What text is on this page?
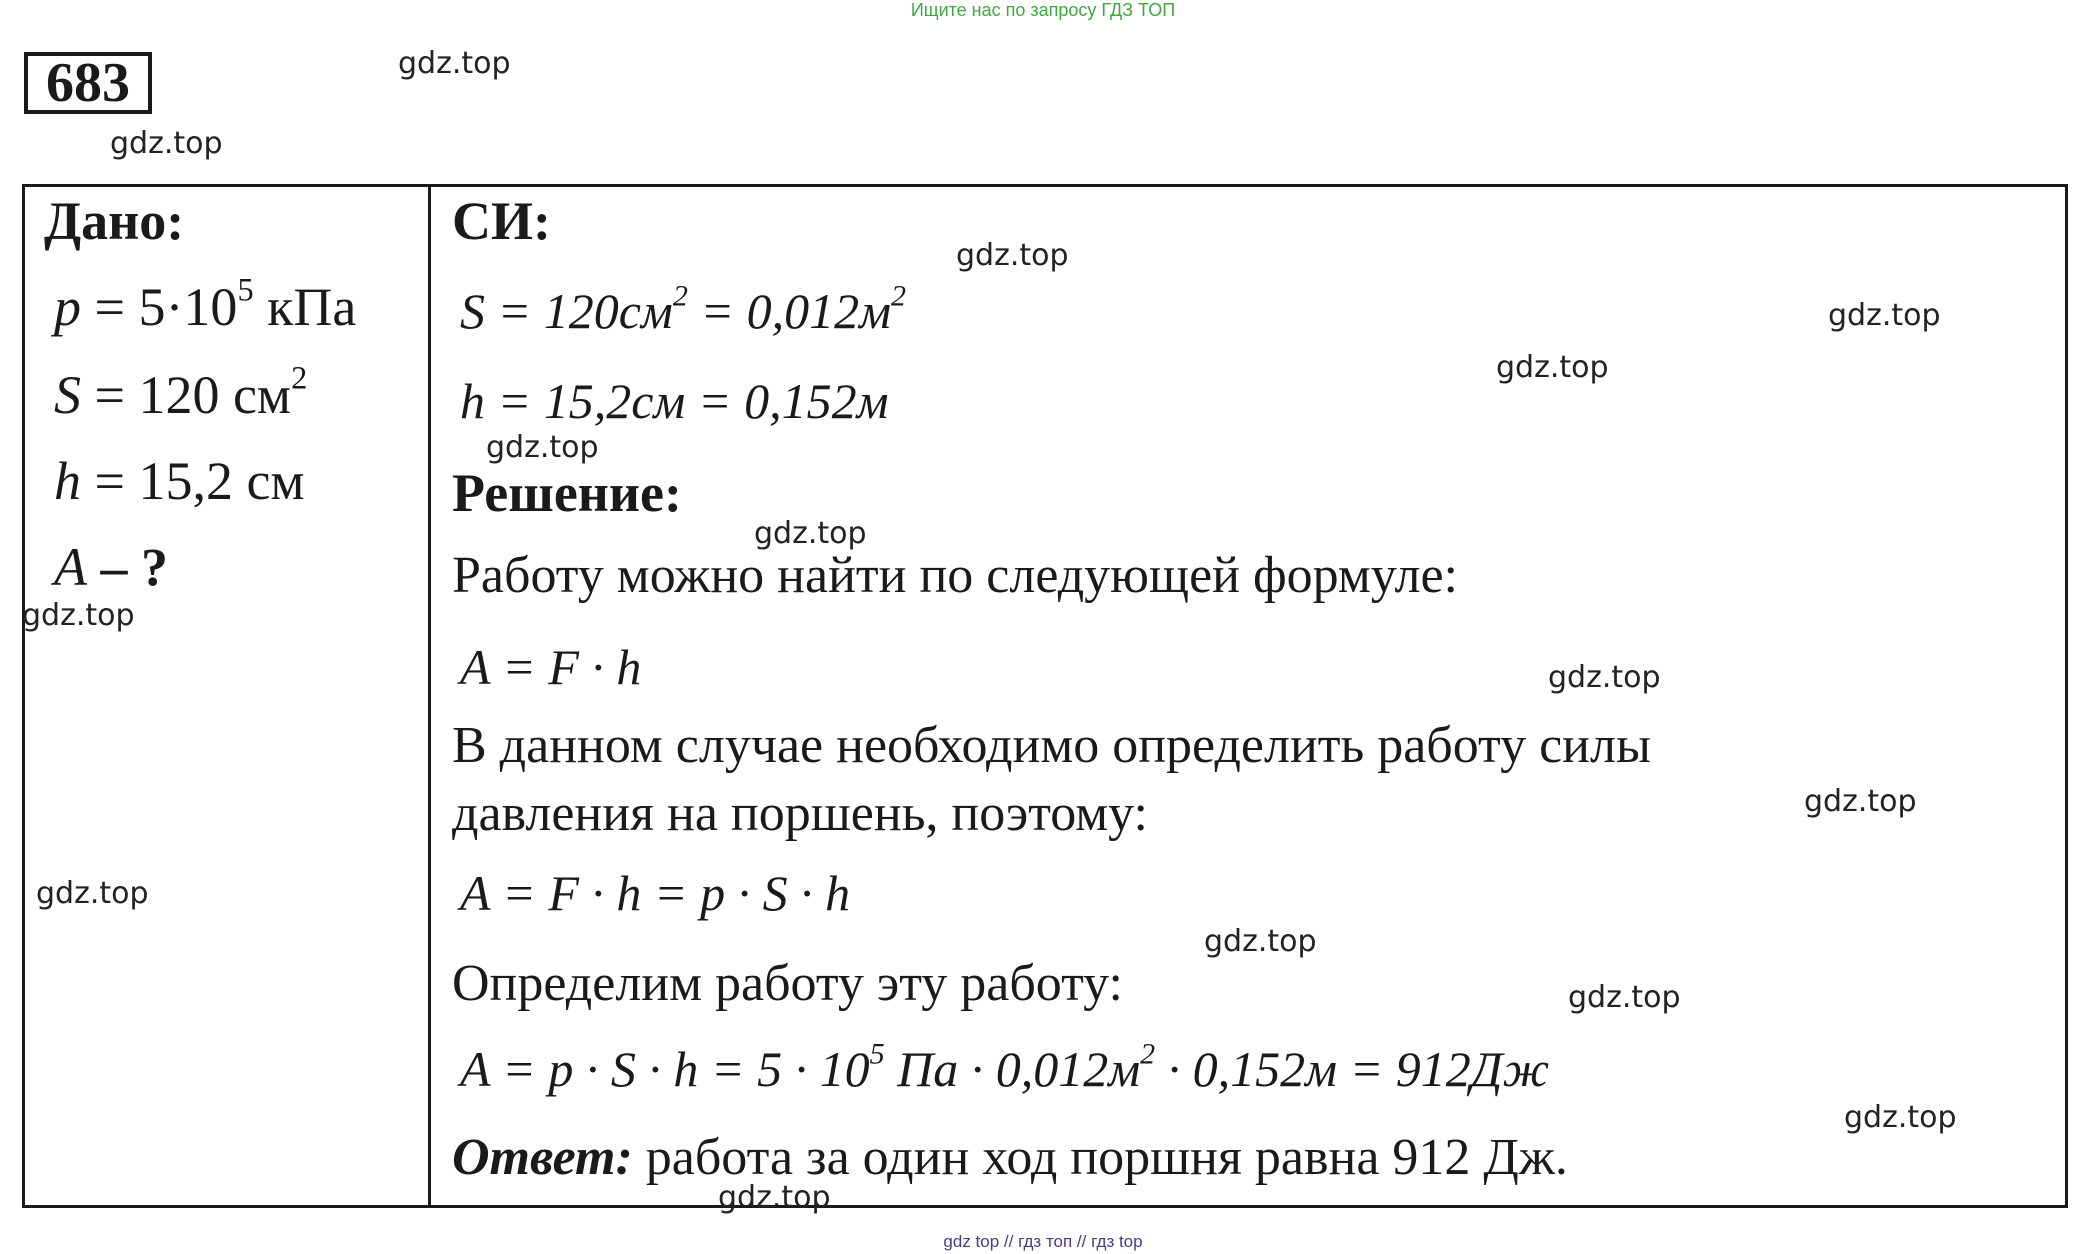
Ищите нас по запросу ГДЗ ТОП
683
Дано:
$p = 5\cdot 10^5$ кПа
S = 120 $см^2$
h = 15,2 см
A – ?
СИ:
$S = 120см^2 = 0,012м^2$
h = 15,2см = 0,152м
Решение:
Работу можно найти по следующей формуле:
A = F · h
В данном случае необходимо определить работу силы
давления на поршень, поэтому:
A = F · h = p · S · h
Определим работу эту работу:
$A = p \cdot S \cdot h = 5 \cdot 10^5$ Па · $0,012м^2 \cdot 0,152м = 912Дж$
Ответ: работа за один ход поршня равна 912 Дж.
gdz.top
gdz.top
gdz.top
gdz.top
gdz.top
gdz.top
gdz.top
gdz.top
gdz.top
gdz.top
gdz.top
gdz.top
gdz.top
gdz.top
gdz.top
gdz top // гдз топ // гдз top
